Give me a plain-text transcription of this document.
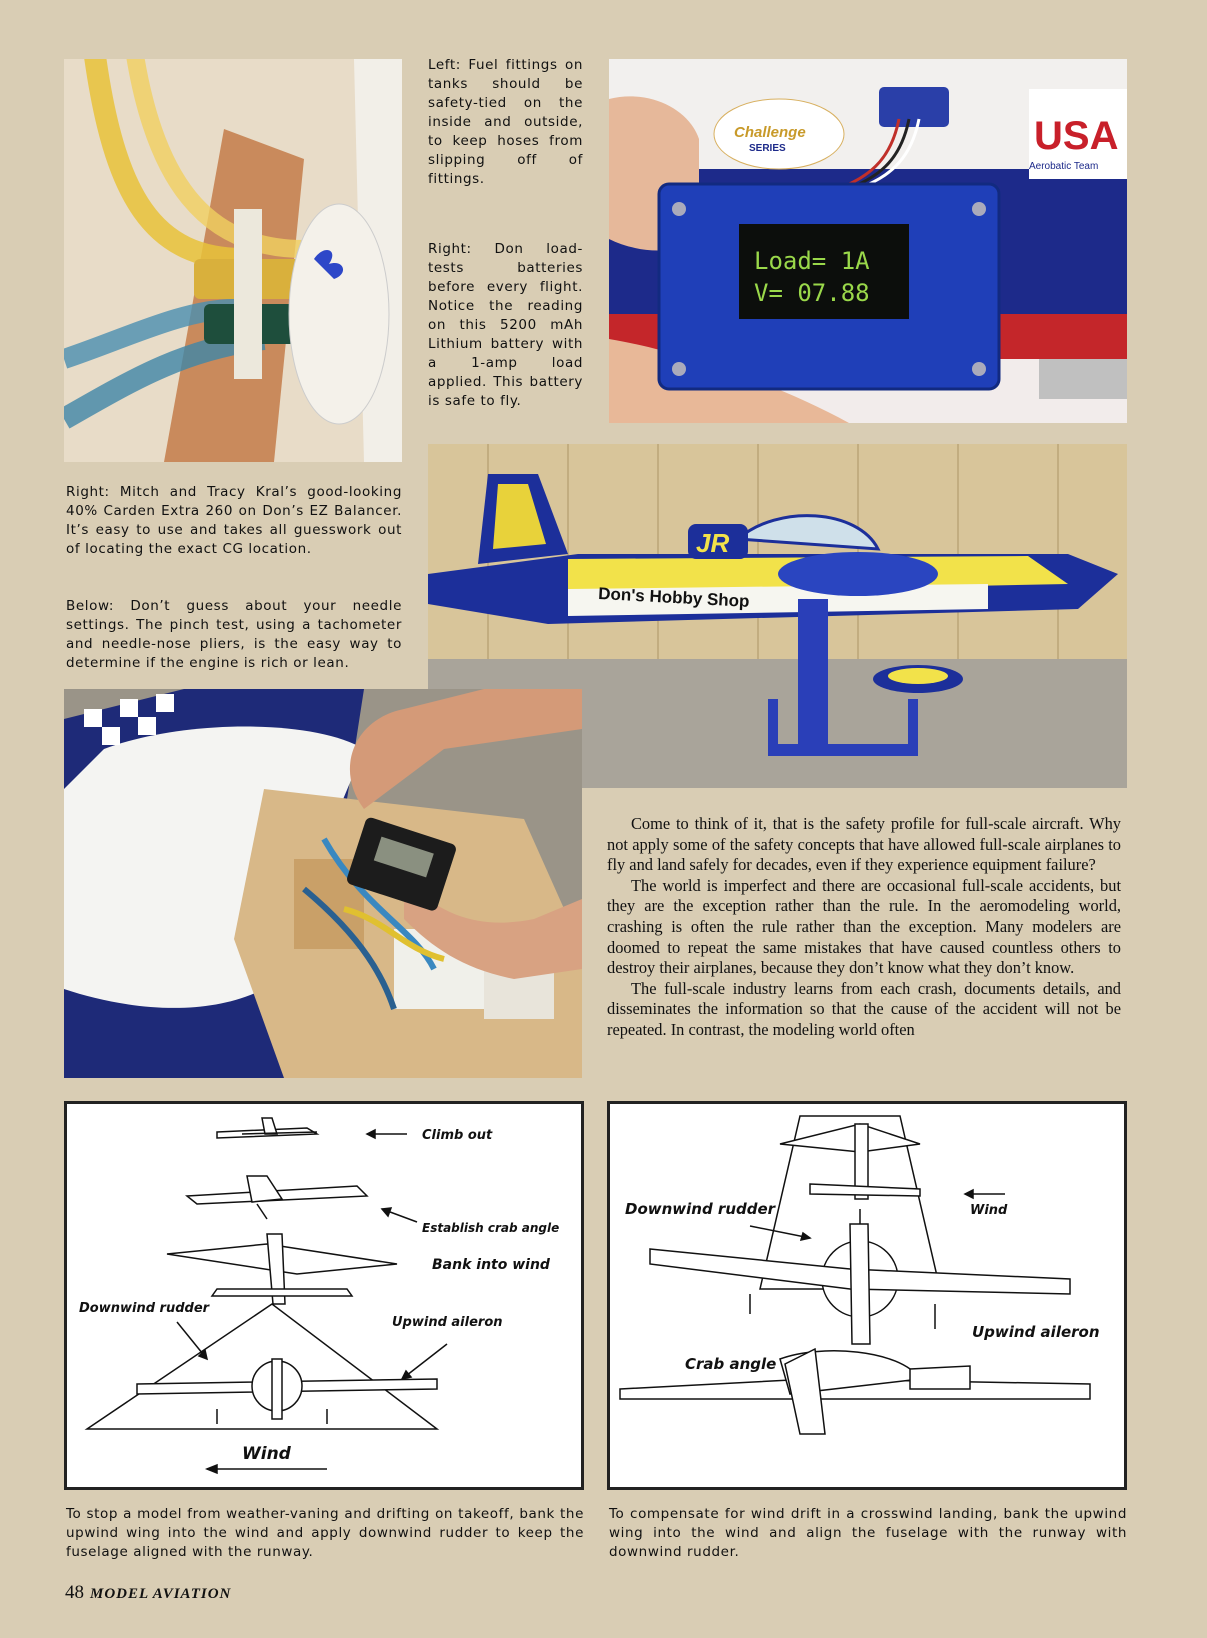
Left: Fuel fittings on tanks should be safety-tied on the inside and outside, to keep hoses from slipping off of fittings.

Right: Don load-tests batteries before every flight. Notice the reading on this 5200 mAh Lithium battery with a 1-amp load applied. This battery is safe to fly.

USA
Aerobatic Team
Challenge
SERIES
Load= 1A
V= 07.88

Right: Mitch and Tracy Kral’s good-looking 40% Carden Extra 260 on Don’s EZ Balancer. It’s easy to use and takes all guesswork out of locating the exact CG location.

Below: Don’t guess about your needle settings. The pinch test, using a tachometer and needle-nose pliers, is the easy way to determine if the engine is rich or lean.

JR
Don's Hobby Shop

Come to think of it, that is the safety profile for full-scale aircraft. Why not apply some of the safety concepts that have allowed full-scale airplanes to fly and land safely for decades, even if they experience equipment failure?

The world is imperfect and there are occasional full-scale accidents, but they are the exception rather than the rule. In the aeromodeling world, crashing is often the rule rather than the exception. Many modelers are doomed to repeat the same mistakes that have caused countless others to destroy their airplanes, because they don’t know what they don’t know.

The full-scale industry learns from each crash, documents details, and disseminates the information so that the cause of the accident will not be repeated. In contrast, the modeling world often

Climb out
Establish crab angle
Bank into wind
Downwind rudder
Upwind aileron
Wind
Downwind rudder	Wind
Upwind aileron
Crab angle

To stop a model from weather-vaning and drifting on takeoff, bank the upwind wing into the wind and apply downwind rudder to keep the fuselage aligned with the runway.

To compensate for wind drift in a crosswind landing, bank the upwind wing into the wind and align the fuselage with the runway with downwind rudder.

48 MODEL AVIATION
